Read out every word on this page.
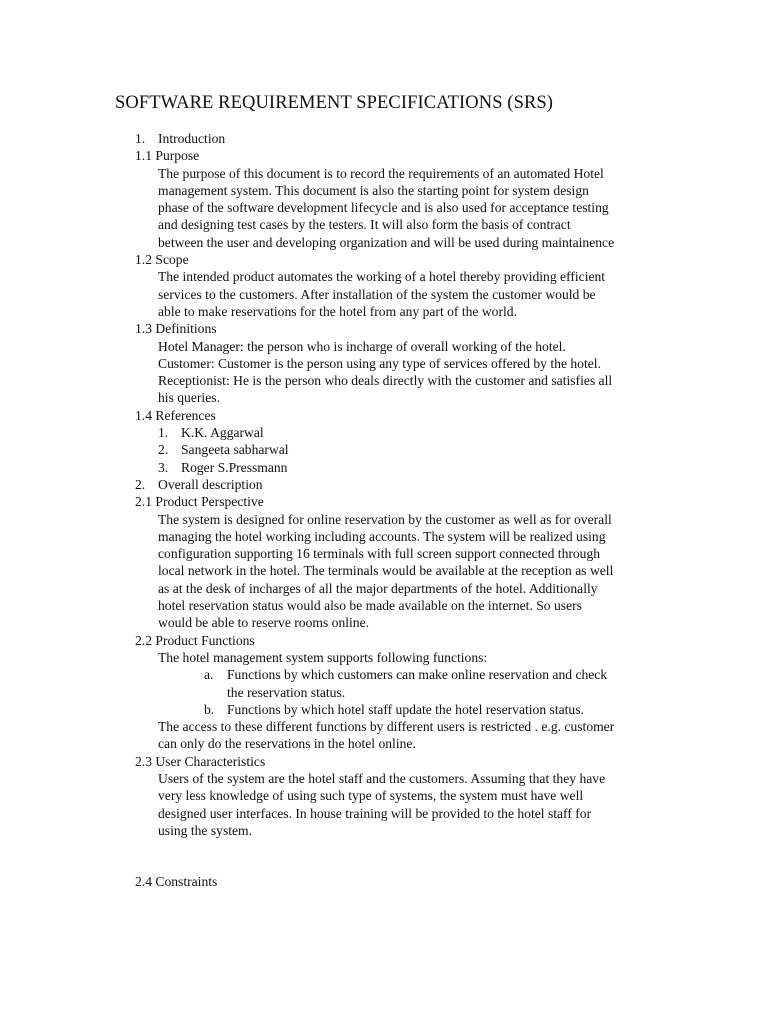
SOFTWARE REQUIREMENT SPECIFICATIONS (SRS)
1. Introduction
1.1 Purpose
The purpose of this document is to record the requirements of an automated Hotel
management system. This document is also the starting point for system design
phase of the software development lifecycle and is also used for acceptance testing
and designing test cases by the testers. It will also form the basis of contract
between the user and developing organization and will be used during maintainence
1.2 Scope
The intended product automates the working of a hotel thereby providing efficient
services to the customers. After installation of the system the customer would be
able to make reservations for the hotel from any part of the world.
1.3 Definitions
Hotel Manager: the person who is incharge of overall working of the hotel.
Customer: Customer is the person using any type of services offered by the hotel.
Receptionist: He is the person who deals directly with the customer and satisfies all
his queries.
1.4 References
1. K.K. Aggarwal
2. Sangeeta sabharwal
3. Roger S.Pressmann
2. Overall description
2.1 Product Perspective
The system is designed for online reservation by the customer as well as for overall
managing the hotel working including accounts. The system will be realized using
configuration supporting 16 terminals with full screen support connected through
local network in the hotel. The terminals would be available at the reception as well
as at the desk of incharges of all the major departments of the hotel. Additionally
hotel reservation status would also be made available on the internet. So users
would be able to reserve rooms online.
2.2 Product Functions
The hotel management system supports following functions:
a. Functions by which customers can make online reservation and check
the reservation status.
b. Functions by which hotel staff update the hotel reservation status.
The access to these different functions by different users is restricted . e.g. customer
can only do the reservations in the hotel online.
2.3 User Characteristics
Users of the system are the hotel staff and the customers. Assuming that they have
very less knowledge of using such type of systems, the system must have well
designed user interfaces. In house training will be provided to the hotel staff for
using the system.
2.4 Constraints
